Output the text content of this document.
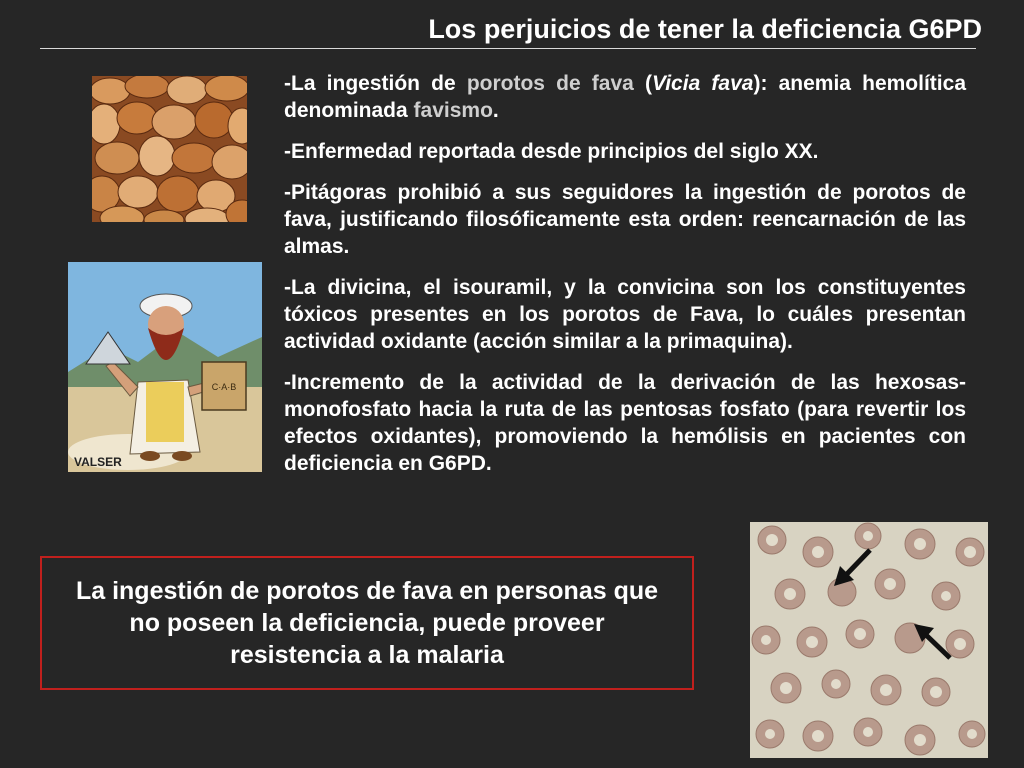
Los perjuicios de tener la deficiencia G6PD
C·A·B
VALSER

-La ingestión de porotos de fava (Vicia fava): anemia hemolítica denominada favismo.

-Enfermedad reportada desde principios del siglo XX.

-Pitágoras prohibió a sus seguidores la ingestión de porotos de fava, justificando filosóficamente esta orden: reencarnación de las almas.

-La divicina, el isouramil, y la convicina son los constituyentes tóxicos presentes en los porotos de Fava, lo cuáles presentan actividad oxidante (acción similar a la primaquina).

-Incremento de la actividad de la derivación de las hexosas-monofosfato hacia la ruta de las pentosas fosfato (para revertir los efectos oxidantes), promoviendo la hemólisis en pacientes con deficiencia en G6PD.

La ingestión de porotos de fava en personas que no poseen la deficiencia, puede proveer resistencia a la malaria
